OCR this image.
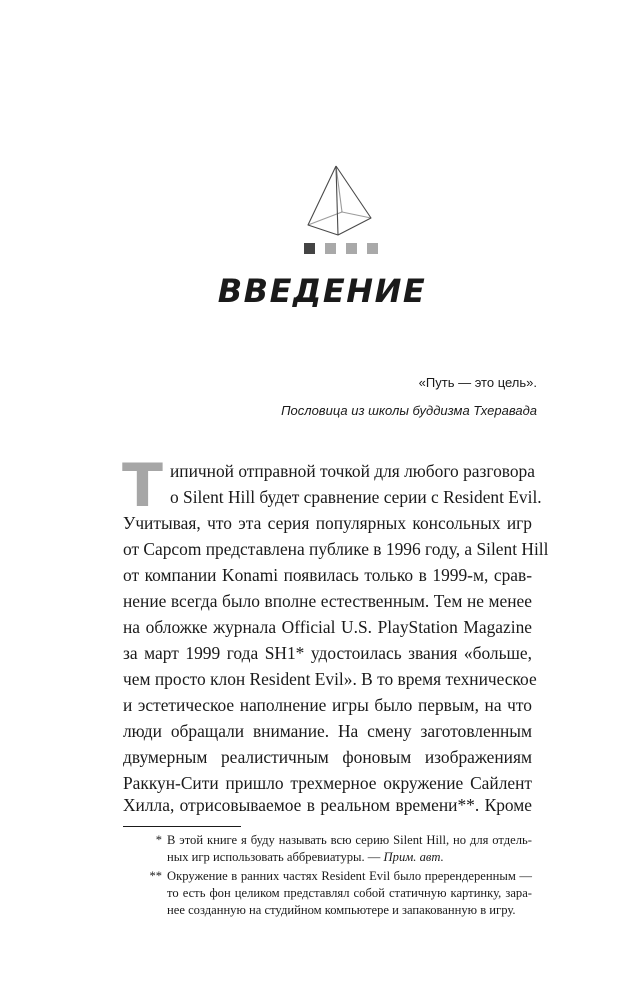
ВВЕДЕНИЕ
«Путь — это цель».
Пословица из школы буддизма Тхеравада
Т ипичной отправной точкой для любого разговора
о Silent Hill будет сравнение серии с Resident Evil.
Учитывая, что эта серия популярных консольных игр
от Capcom представлена публике в 1996 году, а Silent Hill
от компании Konami появилась только в 1999-м, срав-
нение всегда было вполне естественным. Тем не менее
на обложке журнала Official U.S. PlayStation Magazine
за март 1999 года SH1* удостоилась звания «больше,
чем просто клон Resident Evil». В то время техническое
и эстетическое наполнение игры было первым, на что
люди обращали внимание. На смену заготовленным
двумерным реалистичным фоновым изображениям
Раккун-Сити пришло трехмерное окружение Сайлент
Хилла, отрисовываемое в реальном времени**. Кроме
* В этой книге я буду называть всю серию Silent Hill, но для отдель-
ных игр использовать аббревиатуры. — Прим. авт.
** Окружение в ранних частях Resident Evil было пререндеренным —
то есть фон целиком представлял собой статичную картинку, зара-
нее созданную на студийном компьютере и запакованную в игру.
